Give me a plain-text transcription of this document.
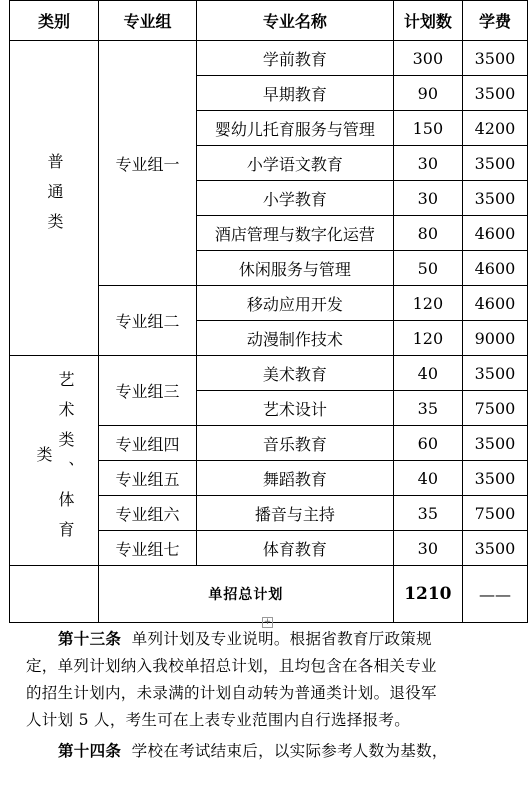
类别	专业组	专业名称	计划数	学费

普通类	专业组一	学前教育	300	3500
		早期教育	90	3500
		婴幼儿托育服务与管理	150	4200
		小学语文教育	30	3500
		小学教育	30	3500
		酒店管理与数字化运营	80	4600
		休闲服务与管理	50	4600
	专业组二	移动应用开发	120	4600
		动漫制作技术	120	9000

艺术类、体育类	专业组三	美术教育	40	3500
		艺术设计	35	7500
	专业组四	音乐教育	60	3500
	专业组五	舞蹈教育	40	3500
	专业组六	播音与主持	35	7500
	专业组七	体育教育	30	3500
	单招总计划		1210	——
+
第十三条 单列计划及专业说明。根据省教育厅政策规
定，单列计划纳入我校单招总计划，且均包含在各相关专业
的招生计划内，未录满的计划自动转为普通类计划。退役军
人计划 5 人，考生可在上表专业范围内自行选择报考。
第十四条 学校在考试结束后，以实际参考人数为基数，
